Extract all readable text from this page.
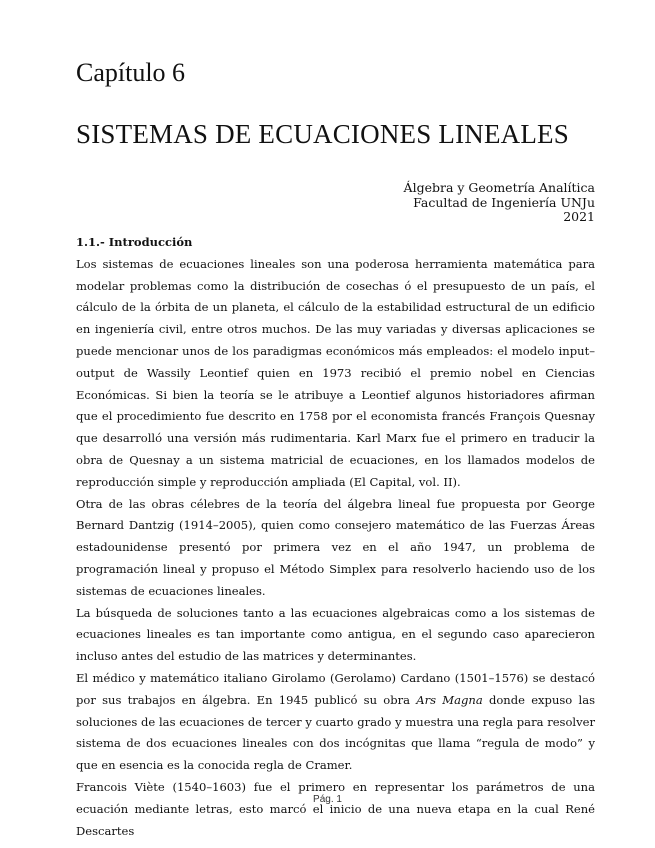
Capítulo 6
SISTEMAS DE ECUACIONES LINEALES
Álgebra y Geometría Analítica
Facultad de Ingeniería UNJu
2021

1.1.- Introducción

Los sistemas de ecuaciones lineales son una poderosa herramienta matemática para modelar problemas como la distribución de cosechas ó el presupuesto de un país, el cálculo de la órbita de un planeta, el cálculo de la estabilidad estructural de un edificio en ingeniería civil, entre otros muchos. De las muy variadas y diversas aplicaciones se puede mencionar unos de los paradigmas económicos más empleados: el modelo input–output de Wassily Leontief quien en 1973 recibió el premio nobel en Ciencias Económicas. Si bien la teoría se le atribuye a Leontief algunos historiadores afirman que el procedimiento fue descrito en 1758 por el economista francés François Quesnay que desarrolló una versión más rudimentaria. Karl Marx fue el primero en traducir la obra de Quesnay a un sistema matricial de ecuaciones, en los llamados modelos de reproducción simple y reproducción ampliada (El Capital, vol. II).

Otra de las obras célebres de la teoría del álgebra lineal fue propuesta por George Bernard Dantzig (1914–2005), quien como consejero matemático de las Fuerzas Áreas estadounidense presentó por primera vez en el año 1947, un problema de programación lineal y propuso el Método Simplex para resolverlo haciendo uso de los sistemas de ecuaciones lineales.

La búsqueda de soluciones tanto a las ecuaciones algebraicas como a los sistemas de ecuaciones lineales es tan importante como antigua, en el segundo caso aparecieron incluso antes del estudio de las matrices y determinantes.

El médico y matemático italiano Girolamo (Gerolamo) Cardano (1501–1576) se destacó por sus trabajos en álgebra. En 1945 publicó su obra Ars Magna donde expuso las soluciones de las ecuaciones de tercer y cuarto grado y muestra una regla para resolver sistema de dos ecuaciones lineales con dos incógnitas que llama “regula de modo” y que en esencia es la conocida regla de Cramer.

Francois Viète (1540–1603) fue el primero en representar los parámetros de una ecuación mediante letras, esto marcó el inicio de una nueva etapa en la cual René Descartes

Pág. 1
